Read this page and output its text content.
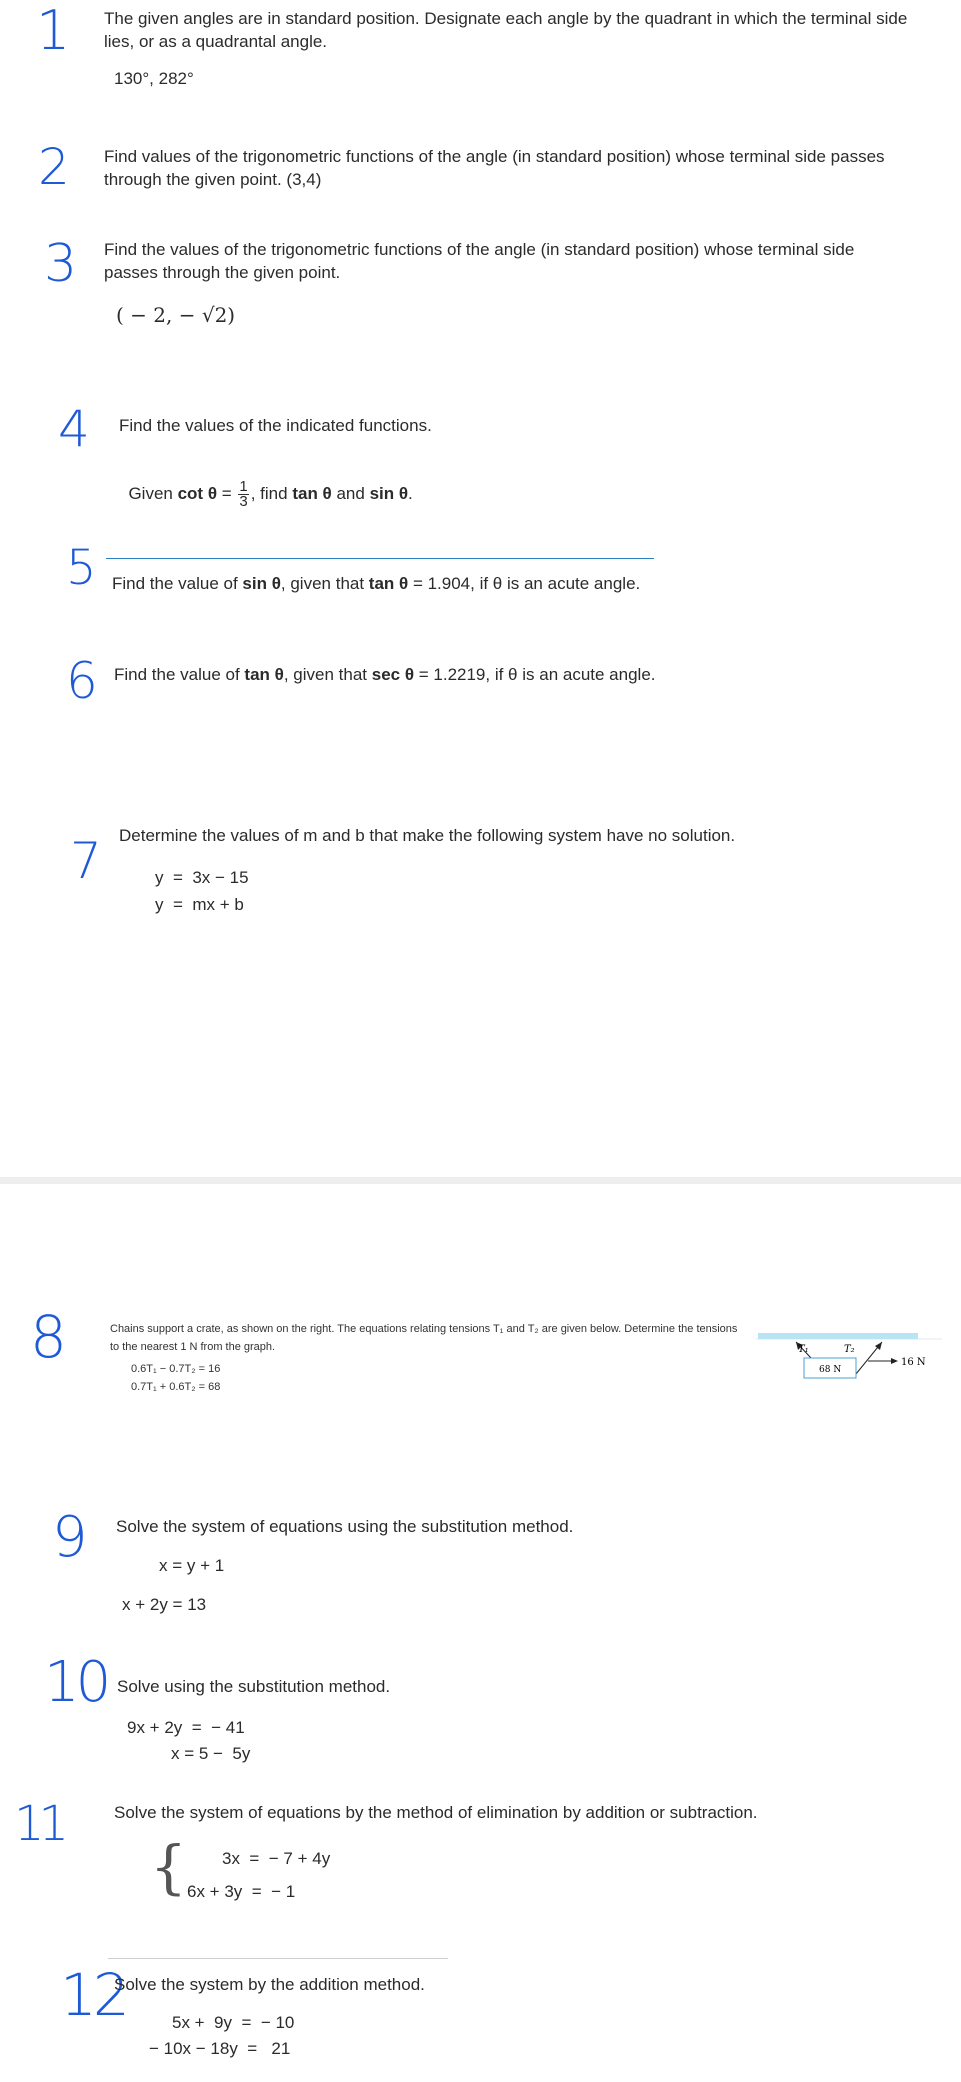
1 The given angles are in standard position. Designate each angle by the quadrant in which the terminal side lies, or as a quadrantal angle.
130°, 282°
2 Find values of the trigonometric functions of the angle (in standard position) whose terminal side passes through the given point. (3,4)
3 Find the values of the trigonometric functions of the angle (in standard position) whose terminal side passes through the given point.
( − 2, − √2)
4 Find the values of the indicated functions.

Given $\cot \theta = \frac{1}{3}$ , find tan θ and sin θ.

5 Find the value of sin θ, given that tan θ = 1.904, if θ is an acute angle.
6 Find the value of tan θ, given that sec θ = 1.2219, if θ is an acute angle.
7 Determine the values of m and b that make the following system have no solution.
y  =  3x − 15
y  =  mx + b
8	Chains support a crate, as shown on the right. The equations relating tensions T₁ and T₂ are given below. Determine the tensions
to the nearest 1 N from the graph.
0.6T₁ − 0.7T₂ = 16
0.7T₁ + 0.6T₂ = 68
T₁	T₂
16 N
68 N
9 Solve the system of equations using the substitution method.
x = y + 1
x + 2y = 13
10 Solve using the substitution method.
9x + 2y  =  − 41
x = 5 −  5y
11	Solve the system of equations by the method of elimination by addition or subtraction.
{ 3x  =  − 7 + 4y
6x + 3y  =  − 1
12
Solve the system by the addition method.
5x +  9y  =  − 10
− 10x − 18y  =   21
